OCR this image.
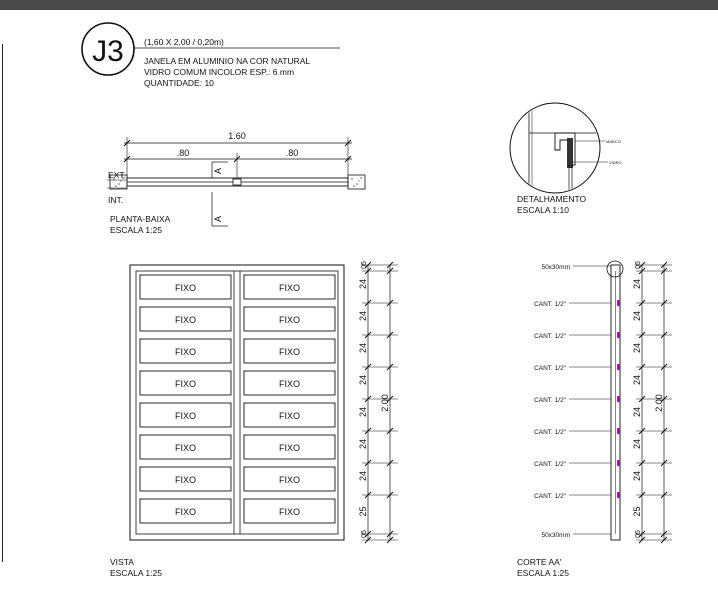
J3 (1,60 X 2,00 / 0,20m)
JANELA EM ALUMINIO NA COR NATURAL
VIDRO COMUM INCOLOR ESP.: 6 mm
QUANTIDADE: 10
1.60
.80	.80
EXT.
INT.
A
A
PLANTA-BAIXA
ESCALA 1:25
MARCO
VIDRO
DETALHAMENTO
ESCALA 1:10
FIXO	FIXO
FIXO	FIXO
FIXO	FIXO
FIXO	FIXO
FIXO	FIXO
FIXO	FIXO
FIXO	FIXO
FIXO	FIXO
05
24
24
24
24
24
24
24
25
05
2.00
VISTA
ESCALA 1:25
50x30mm
CANT. 1/2"
CANT. 1/2"
CANT. 1/2"
CANT. 1/2"
CANT. 1/2"
CANT. 1/2"
CANT. 1/2"
50x30mm
05
24
24
24
24
24
24
24
25
05
2.00
CORTE AA'
ESCALA 1:25
